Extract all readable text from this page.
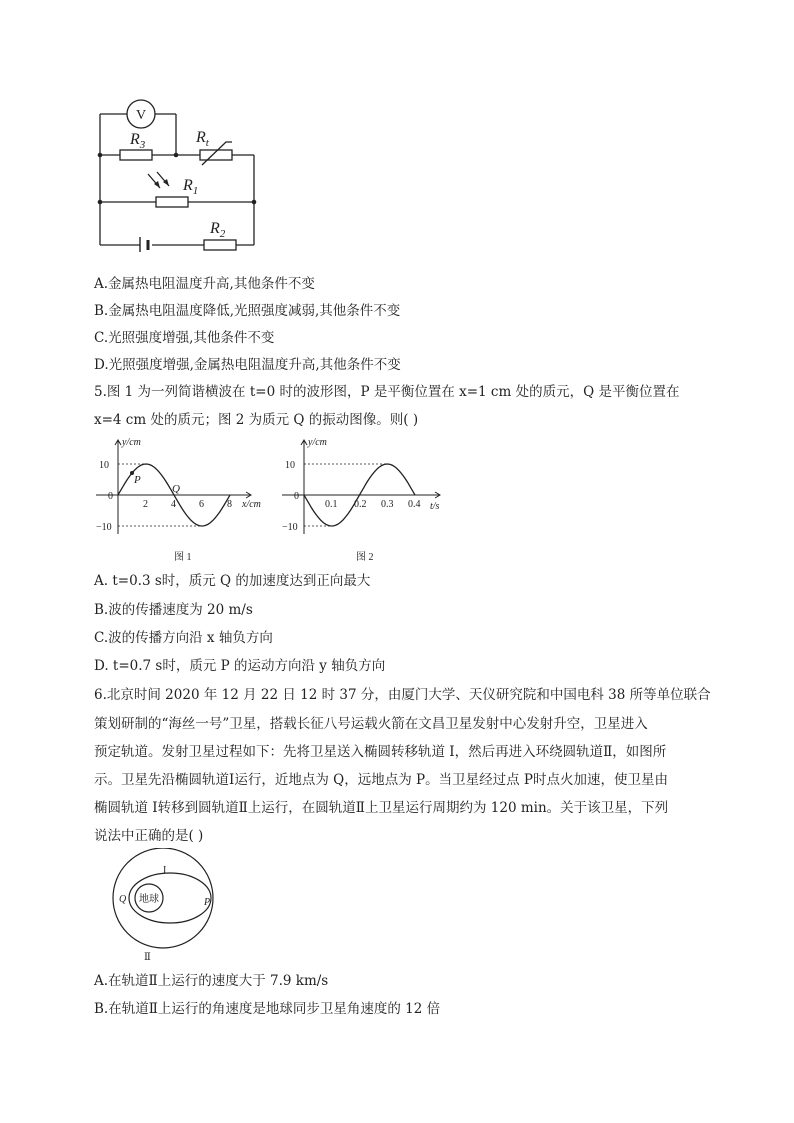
V
$R_3$	$R_t$
$R_1$
$R_2$
A.金属热电阻温度升高,其他条件不变
B.金属热电阻温度降低,光照强度减弱,其他条件不变
C.光照强度增强,其他条件不变
D.光照强度增强,金属热电阻温度升高,其他条件不变
5.图 1 为一列简谐横波在 t=0 时的波形图，P 是平衡位置在 x=1 cm 处的质元，Q 是平衡位置在
x=4 cm 处的质元；图 2 为质元 Q 的振动图像。则( )
P
Q
y/cm
x/cm
10
0
−10
2 4 6 8
图 1
y/cm
t/s
10
0
−10
0.1 0.2 0.3 0.4
图 2
A. t=0.3 s时，质元 Q 的加速度达到正向最大
B.波的传播速度为 20 m/s
C.波的传播方向沿 x 轴负方向
D. t=0.7 s时，质元 P 的运动方向沿 y 轴负方向
6.北京时间 2020 年 12 月 22 日 12 时 37 分，由厦门大学、天仪研究院和中国电科 38 所等单位联合
策划研制的“海丝一号”卫星，搭载长征八号运载火箭在文昌卫星发射中心发射升空，卫星进入
预定轨道。发射卫星过程如下：先将卫星送入椭圆转移轨道 I，然后再进入环绕圆轨道Ⅱ，如图所
示。卫星先沿椭圆轨道Ⅰ运行，近地点为 Q，远地点为 P。当卫星经过点 P时点火加速，使卫星由
椭圆轨道 I转移到圆轨道Ⅱ上运行，在圆轨道Ⅱ上卫星运行周期约为 120 min。关于该卫星，下列
说法中正确的是( )
地球
I
Q	P
Ⅱ
A.在轨道Ⅱ上运行的速度大于 7.9 km/s
B.在轨道Ⅱ上运行的角速度是地球同步卫星角速度的 12 倍
